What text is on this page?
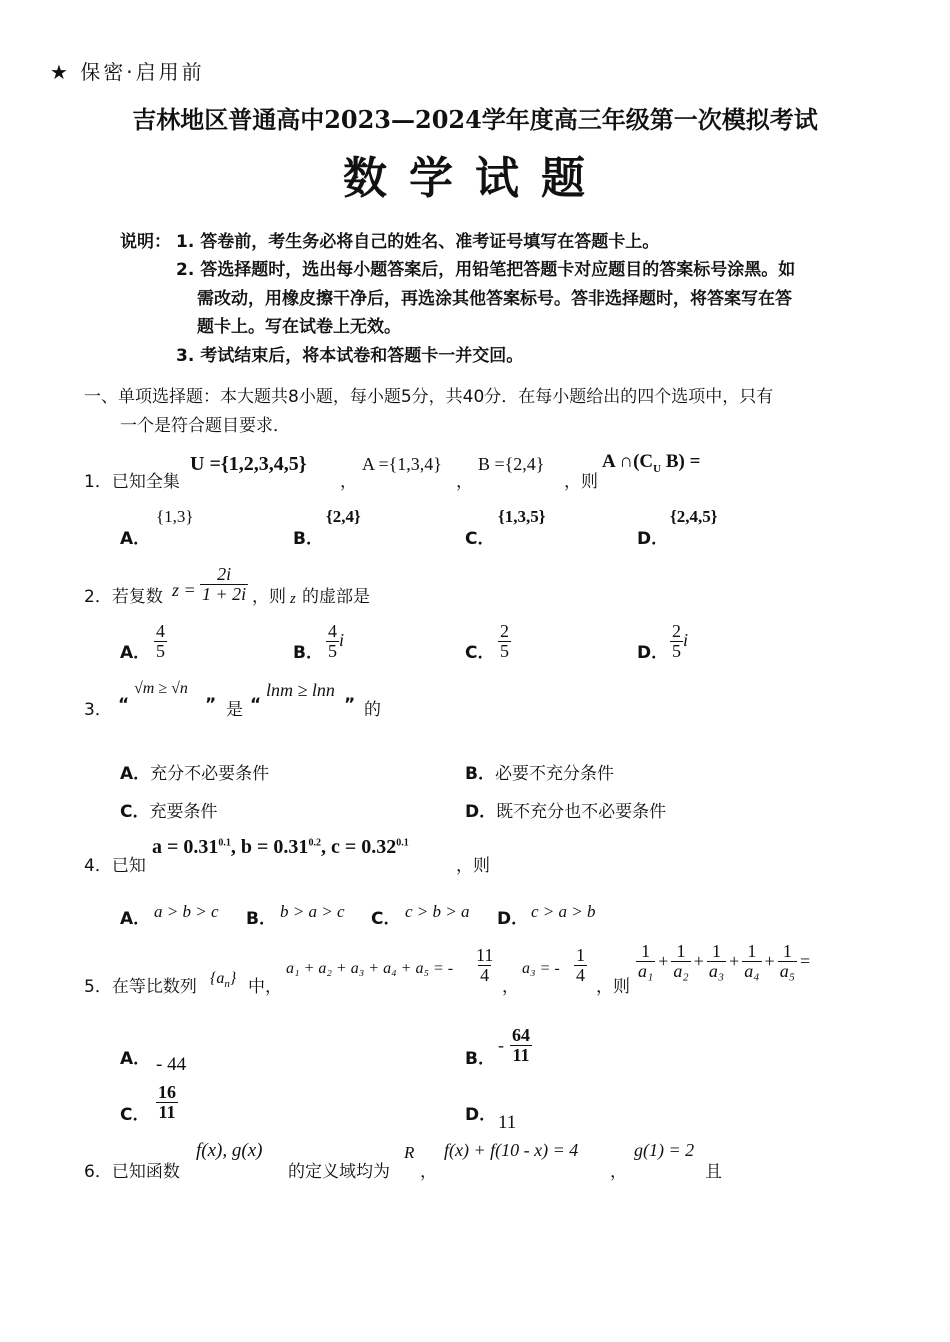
★ 保密·启用前
吉林地区普通高中2023—2024学年度高三年级第一次模拟考试
数学试题
说明： 1. 答卷前，考生务必将自己的姓名、准考证号填写在答题卡上。
2. 答选择题时，选出每小题答案后，用铅笔把答题卡对应题目的答案标号涂黑。如
需改动，用橡皮擦干净后，再选涂其他答案标号。答非选择题时，将答案写在答
题卡上。写在试卷上无效。
3. 考试结束后，将本试卷和答题卡一并交回。
一、单项选择题：本大题共8小题，每小题5分，共40分．在每小题给出的四个选项中，只有
一个是符合题目要求．
1．已知全集
U ={1,2,3,4,5}
，
A ={1,3,4}
，
B ={2,4}
，则
A $\cap(C_U$ B) =
A．
{1,3}
B．
{2,4}
C．
{1,3,5}
D．
{2,4,5}
2．若复数 $z = \frac{2i}{1 + 2i}$ ，则 z 的虚部是
A． $\frac{4}{5}$	B． $\frac{4}{5}$ i
C． $\frac{2}{5}$	D． $\frac{2}{5}$ i
3． “
√m ≥ √n
” 是 “
lnm ≥ lnn
” 的
A．充分不必要条件	B．必要不充分条件
C．充要条件	D．既不充分也不必要条件
4．已知
$a = 0.31^{0.1}$, $b = 0.31^{0.2}$, $c = 0.32^{0.1}$
，则
A． a > b > c B． b > a > c C． c > b > a D． c > a > b
5．在等比数列 $\{a_n\}$ 中，
a₁ + a₂ + a₃ + a₄ + a₅ = - $\frac{11}{4}$
，
a₃ = - $\frac{1}{4}$
，则
$\frac{1}{\text{a₁}} + \frac{1}{\text{a₂}} + \frac{1}{\text{a₃}} + \frac{1}{\text{a₄}} + \frac{1}{\text{a₅}}$ =
A． - 44	B．
- $\frac{64}{11}$
C． $\frac{16}{11}$	D． 11
6．已知函数
f(x), g(x)
的定义域均为
R
，
f(x) + f(10 - x) = 4
，
g(1) = 2
且
